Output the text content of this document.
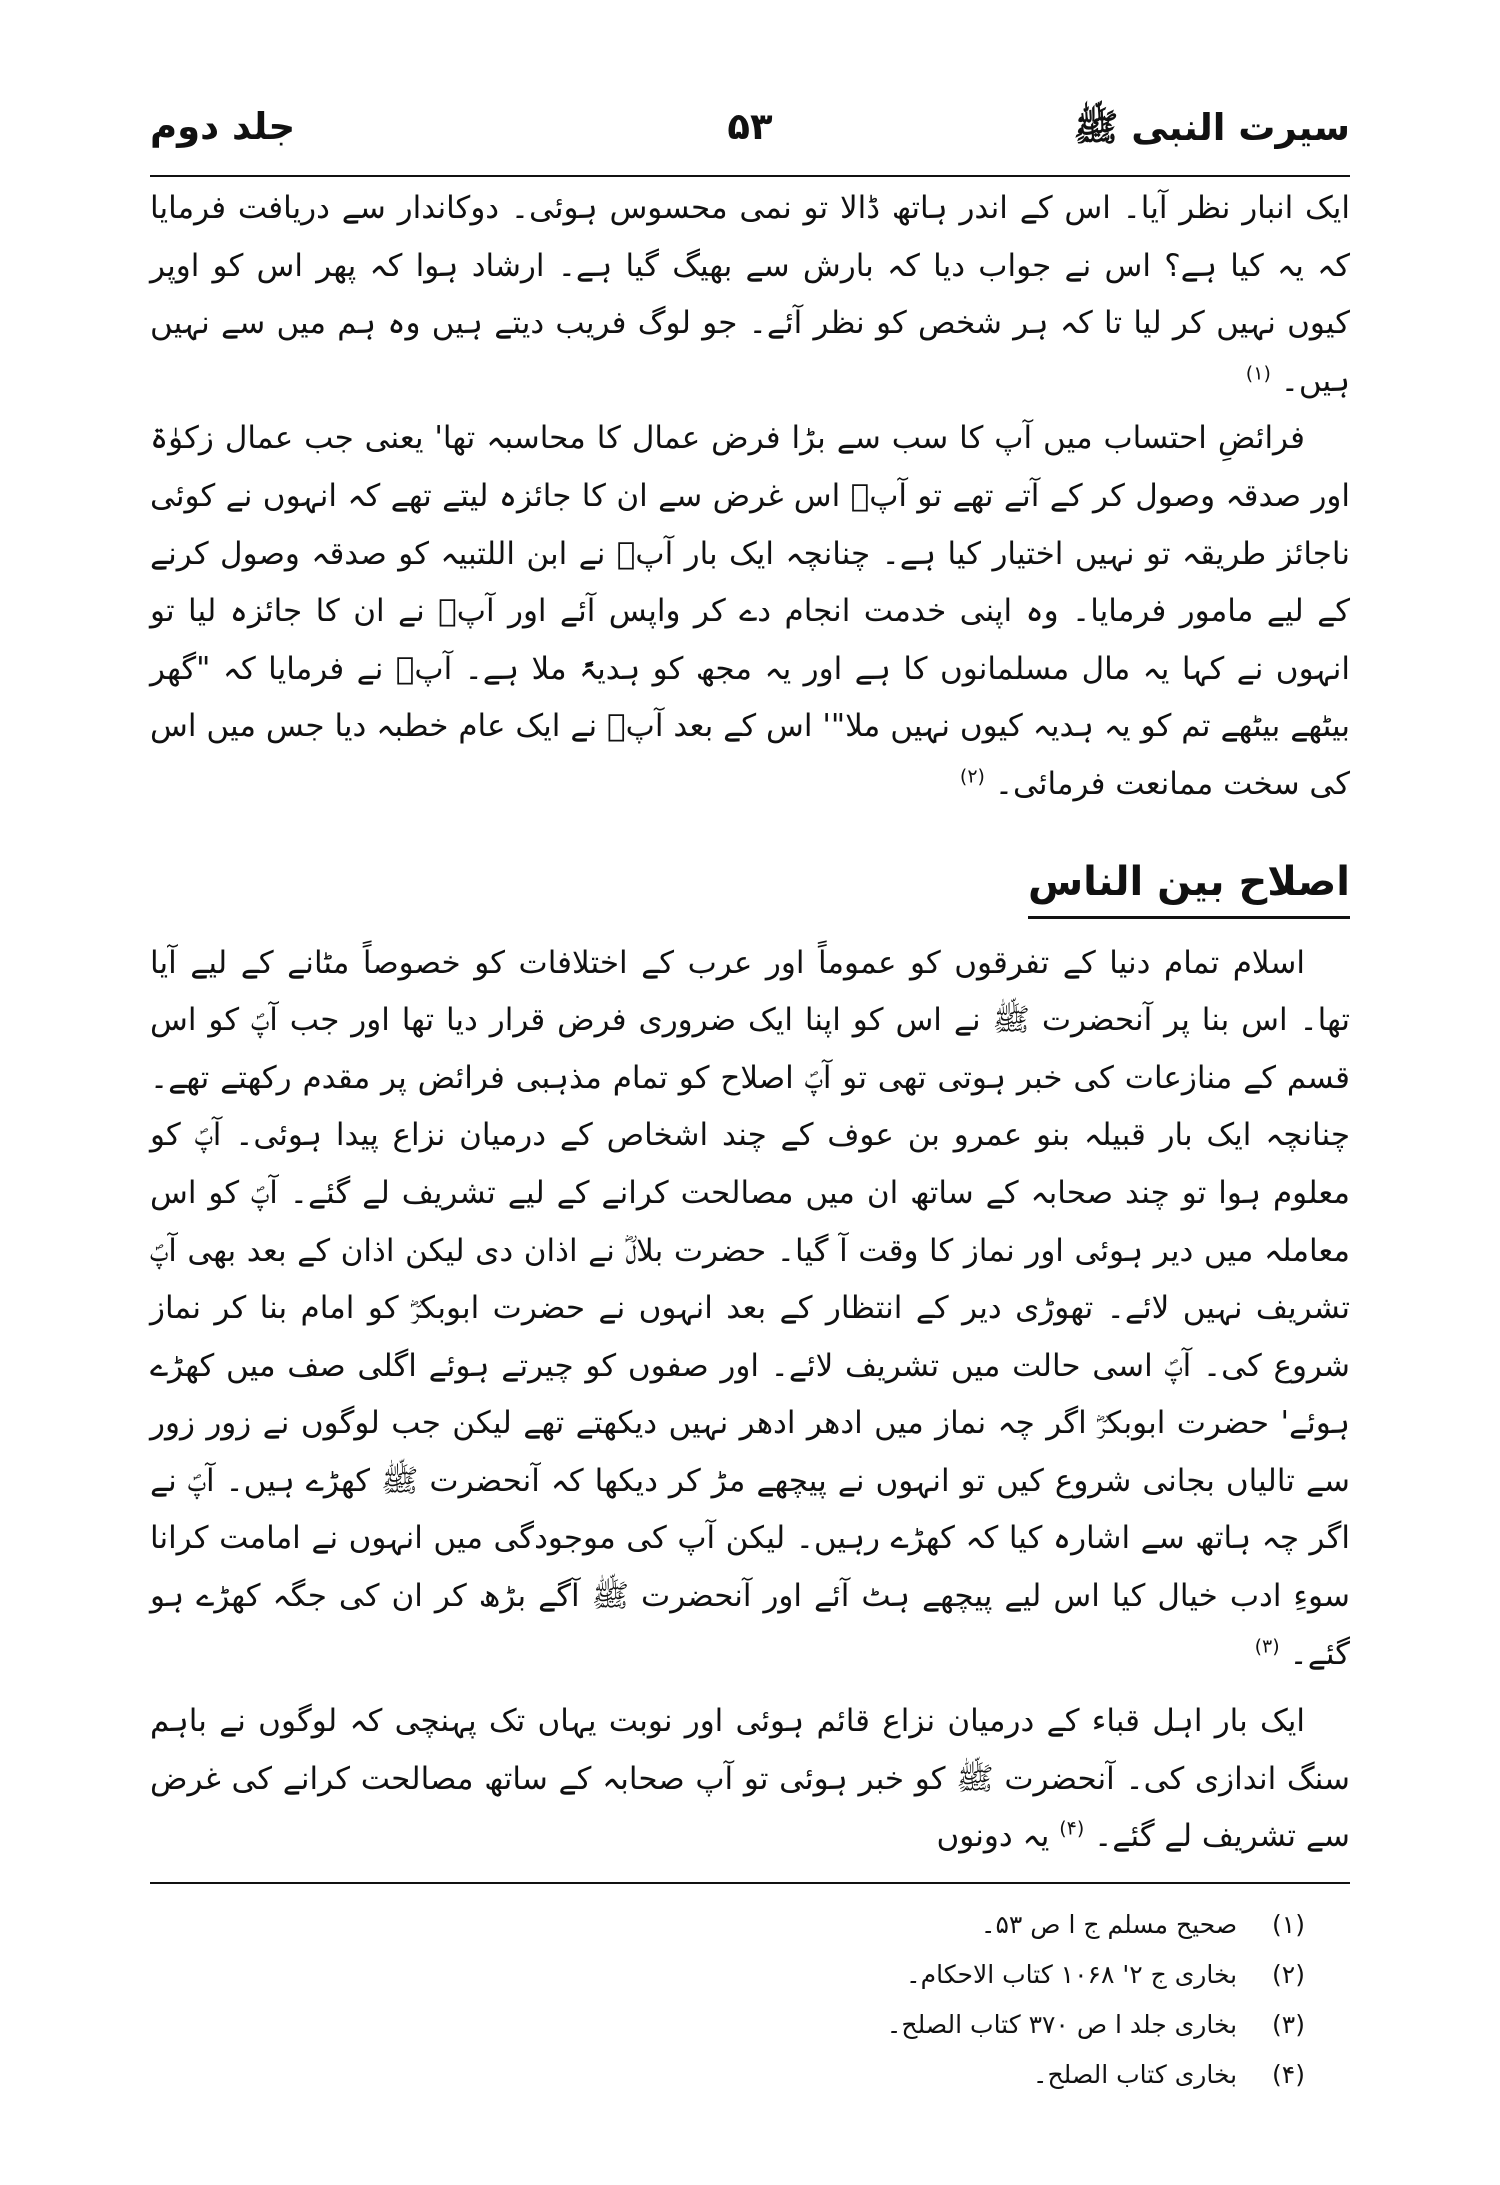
سیرت النبی ﷺ
۵۳
جلد دوم

ایک انبار نظر آیا۔ اس کے اندر ہاتھ ڈالا تو نمی محسوس ہوئی۔ دوکاندار سے دریافت فرمایا کہ یہ کیا ہے؟ اس نے جواب دیا کہ بارش سے بھیگ گیا ہے۔ ارشاد ہوا کہ پھر اس کو اوپر کیوں نہیں کر لیا تا کہ ہر شخص کو نظر آئے۔ جو لوگ فریب دیتے ہیں وہ ہم میں سے نہیں ہیں۔ $^{(۱)}$

فرائضِ احتساب میں آپ کا سب سے بڑا فرض عمال کا محاسبہ تھا' یعنی جب عمال زکوٰۃ اور صدقہ وصول کر کے آتے تھے تو آپؐ اس غرض سے ان کا جائزہ لیتے تھے کہ انہوں نے کوئی ناجائز طریقہ تو نہیں اختیار کیا ہے۔ چنانچہ ایک بار آپؐ نے ابن اللتبیہ کو صدقہ وصول کرنے کے لیے مامور فرمایا۔ وہ اپنی خدمت انجام دے کر واپس آئے اور آپؐ نے ان کا جائزہ لیا تو انہوں نے کہا یہ مال مسلمانوں کا ہے اور یہ مجھ کو ہدیۃً ملا ہے۔ آپؐ نے فرمایا کہ "گھر بیٹھے بیٹھے تم کو یہ ہدیہ کیوں نہیں ملا"' اس کے بعد آپؐ نے ایک عام خطبہ دیا جس میں اس کی سخت ممانعت فرمائی۔ $^{(۲)}$

اصلاح بین الناس

اسلام تمام دنیا کے تفرقوں کو عموماً اور عرب کے اختلافات کو خصوصاً مٹانے کے لیے آیا تھا۔ اس بنا پر آنحضرت ﷺ نے اس کو اپنا ایک ضروری فرض قرار دیا تھا اور جب آپؐ کو اس قسم کے منازعات کی خبر ہوتی تھی تو آپؐ اصلاح کو تمام مذہبی فرائض پر مقدم رکھتے تھے۔ چنانچہ ایک بار قبیلہ بنو عمرو بن عوف کے چند اشخاص کے درمیان نزاع پیدا ہوئی۔ آپؐ کو معلوم ہوا تو چند صحابہ کے ساتھ ان میں مصالحت کرانے کے لیے تشریف لے گئے۔ آپؐ کو اس معاملہ میں دیر ہوئی اور نماز کا وقت آ گیا۔ حضرت بلالؓ نے اذان دی لیکن اذان کے بعد بھی آپؐ تشریف نہیں لائے۔ تھوڑی دیر کے انتظار کے بعد انہوں نے حضرت ابوبکرؓ کو امام بنا کر نماز شروع کی۔ آپؐ اسی حالت میں تشریف لائے۔ اور صفوں کو چیرتے ہوئے اگلی صف میں کھڑے ہوئے' حضرت ابوبکرؓ اگر چہ نماز میں ادھر ادھر نہیں دیکھتے تھے لیکن جب لوگوں نے زور زور سے تالیاں بجانی شروع کیں تو انہوں نے پیچھے مڑ کر دیکھا کہ آنحضرت ﷺ کھڑے ہیں۔ آپؐ نے اگر چہ ہاتھ سے اشارہ کیا کہ کھڑے رہیں۔ لیکن آپ کی موجودگی میں انہوں نے امامت کرانا سوءِ ادب خیال کیا اس لیے پیچھے ہٹ آئے اور آنحضرت ﷺ آگے بڑھ کر ان کی جگہ کھڑے ہو گئے۔ $^{(۳)}$

ایک بار اہل قباء کے درمیان نزاع قائم ہوئی اور نوبت یہاں تک پہنچی کہ لوگوں نے باہم سنگ اندازی کی۔ آنحضرت ﷺ کو خبر ہوئی تو آپ صحابہ کے ساتھ مصالحت کرانے کی غرض سے تشریف لے گئے۔ $^{(۴)}$ یہ دونوں

(۱) صحیح مسلم ج ا ص ۵۳۔
(۲) بخاری ج ۲' ۱۰۶۸ کتاب الاحکام۔
(۳) بخاری جلد ا ص ۳۷۰ کتاب الصلح۔
(۴) بخاری کتاب الصلح۔
